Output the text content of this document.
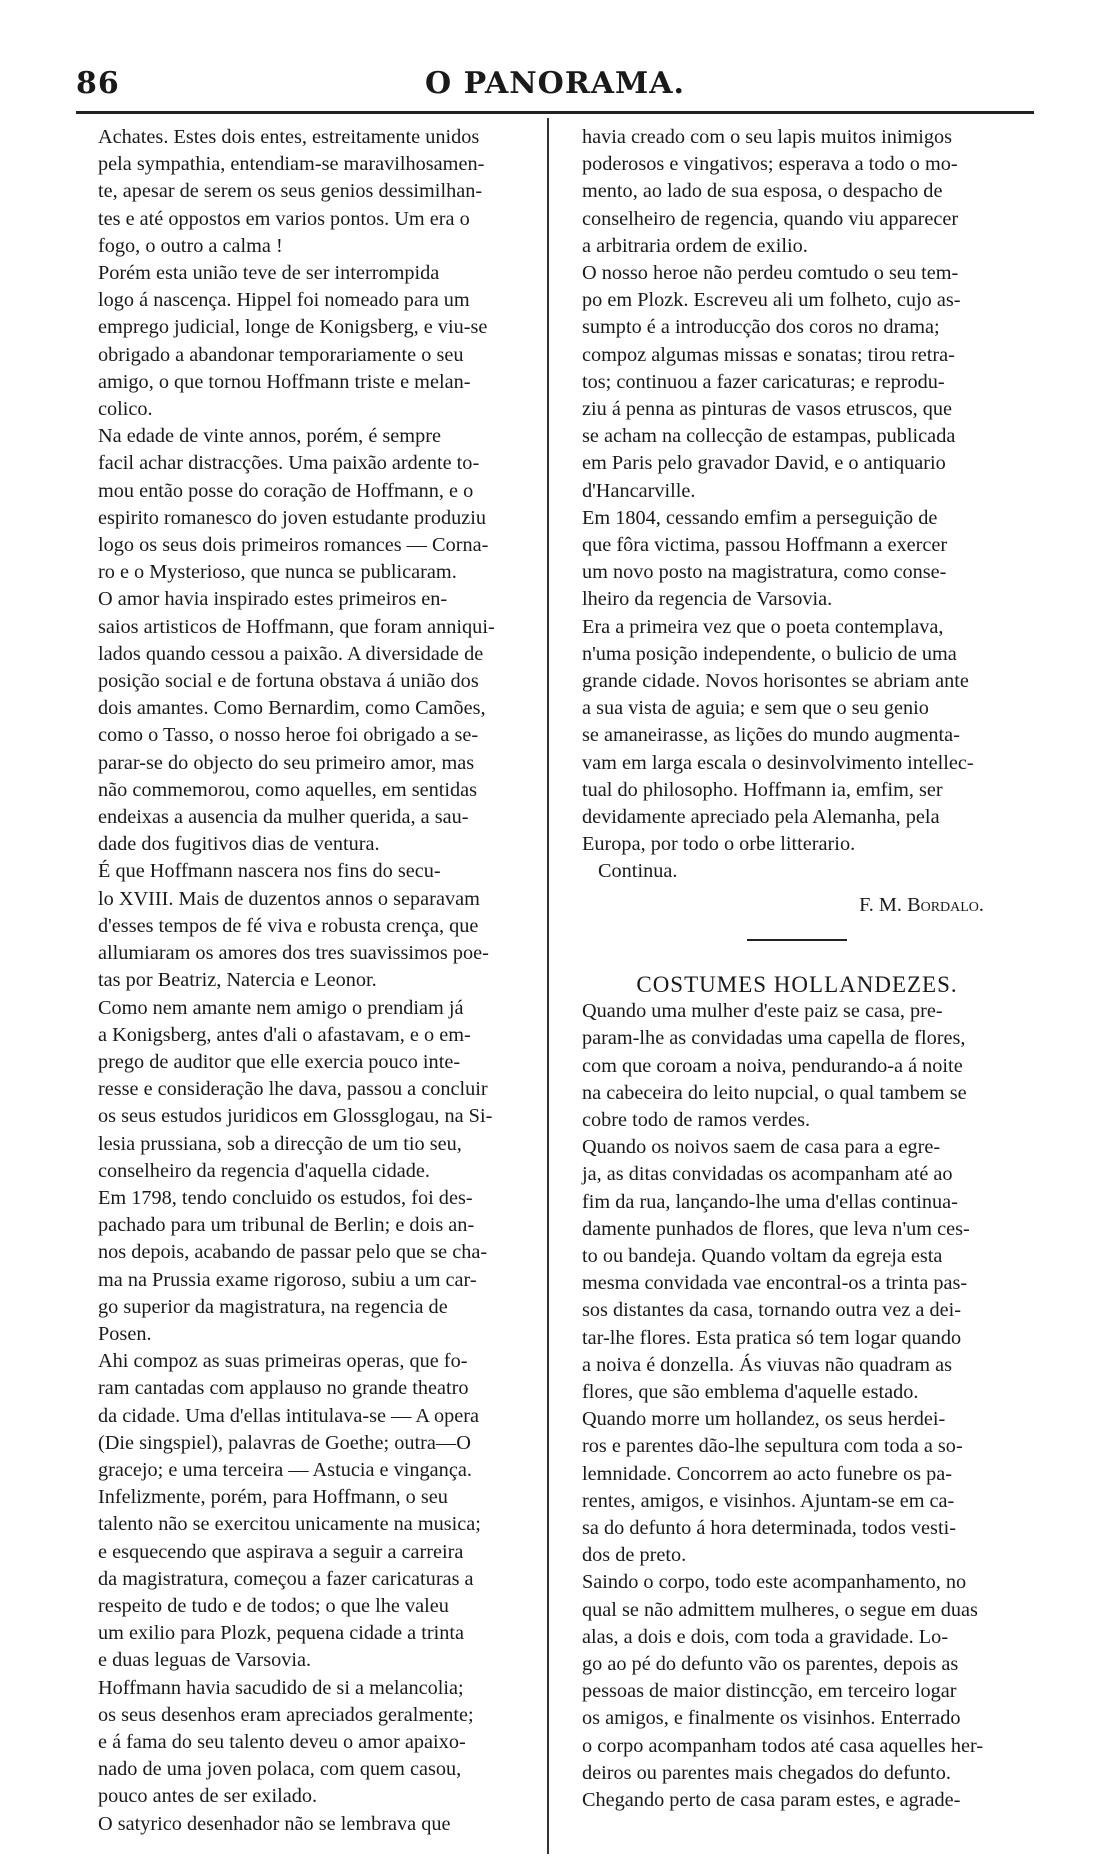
86	O PANORAMA.

Achates. Estes dois entes, estreitamente unidos
pela sympathia, entendiam-se maravilhosamen-
te, apesar de serem os seus genios dessimilhan-
tes e até oppostos em varios pontos. Um era o
fogo, o outro a calma !

Porém esta união teve de ser interrompida
logo á nascença. Hippel foi nomeado para um
emprego judicial, longe de Konigsberg, e viu-se
obrigado a abandonar temporariamente o seu
amigo, o que tornou Hoffmann triste e melan-
colico.

Na edade de vinte annos, porém, é sempre
facil achar distracções. Uma paixão ardente to-
mou então posse do coração de Hoffmann, e o
espirito romanesco do joven estudante produziu
logo os seus dois primeiros romances — Corna-
ro e o Mysterioso, que nunca se publicaram.

O amor havia inspirado estes primeiros en-
saios artisticos de Hoffmann, que foram anniqui-
lados quando cessou a paixão. A diversidade de
posição social e de fortuna obstava á união dos
dois amantes. Como Bernardim, como Camões,
como o Tasso, o nosso heroe foi obrigado a se-
parar-se do objecto do seu primeiro amor, mas
não commemorou, como aquelles, em sentidas
endeixas a ausencia da mulher querida, a sau-
dade dos fugitivos dias de ventura.

É que Hoffmann nascera nos fins do secu-
lo XVIII. Mais de duzentos annos o separavam
d'esses tempos de fé viva e robusta crença, que
allumiaram os amores dos tres suavissimos poe-
tas por Beatriz, Natercia e Leonor.

Como nem amante nem amigo o prendiam já
a Konigsberg, antes d'ali o afastavam, e o em-
prego de auditor que elle exercia pouco inte-
resse e consideração lhe dava, passou a concluir
os seus estudos juridicos em Glossglogau, na Si-
lesia prussiana, sob a direcção de um tio seu,
conselheiro da regencia d'aquella cidade.

Em 1798, tendo concluido os estudos, foi des-
pachado para um tribunal de Berlin; e dois an-
nos depois, acabando de passar pelo que se cha-
ma na Prussia exame rigoroso, subiu a um car-
go superior da magistratura, na regencia de
Posen.

Ahi compoz as suas primeiras operas, que fo-
ram cantadas com applauso no grande theatro
da cidade. Uma d'ellas intitulava-se — A opera
(Die singspiel), palavras de Goethe; outra—O
gracejo; e uma terceira — Astucia e vingança.

Infelizmente, porém, para Hoffmann, o seu
talento não se exercitou unicamente na musica;
e esquecendo que aspirava a seguir a carreira
da magistratura, começou a fazer caricaturas a
respeito de tudo e de todos; o que lhe valeu
um exilio para Plozk, pequena cidade a trinta
e duas leguas de Varsovia.

Hoffmann havia sacudido de si a melancolia;
os seus desenhos eram apreciados geralmente;
e á fama do seu talento deveu o amor apaixo-
nado de uma joven polaca, com quem casou,
pouco antes de ser exilado.

O satyrico desenhador não se lembrava que

havia creado com o seu lapis muitos inimigos
poderosos e vingativos; esperava a todo o mo-
mento, ao lado de sua esposa, o despacho de
conselheiro de regencia, quando viu apparecer
a arbitraria ordem de exilio.

O nosso heroe não perdeu comtudo o seu tem-
po em Plozk. Escreveu ali um folheto, cujo as-
sumpto é a introducção dos coros no drama;
compoz algumas missas e sonatas; tirou retra-
tos; continuou a fazer caricaturas; e reprodu-
ziu á penna as pinturas de vasos etruscos, que
se acham na collecção de estampas, publicada
em Paris pelo gravador David, e o antiquario
d'Hancarville.

Em 1804, cessando emfim a perseguição de
que fôra victima, passou Hoffmann a exercer
um novo posto na magistratura, como conse-
lheiro da regencia de Varsovia.

Era a primeira vez que o poeta contemplava,
n'uma posição independente, o bulicio de uma
grande cidade. Novos horisontes se abriam ante
a sua vista de aguia; e sem que o seu genio
se amaneirasse, as lições do mundo augmenta-
vam em larga escala o desinvolvimento intellec-
tual do philosopho. Hoffmann ia, emfim, ser
devidamente apreciado pela Alemanha, pela
Europa, por todo o orbe litterario.

Continua.

F. M. Bordalo.

COSTUMES HOLLANDEZES.

Quando uma mulher d'este paiz se casa, pre-
param-lhe as convidadas uma capella de flores,
com que coroam a noiva, pendurando-a á noite
na cabeceira do leito nupcial, o qual tambem se
cobre todo de ramos verdes.

Quando os noivos saem de casa para a egre-
ja, as ditas convidadas os acompanham até ao
fim da rua, lançando-lhe uma d'ellas continua-
damente punhados de flores, que leva n'um ces-
to ou bandeja. Quando voltam da egreja esta
mesma convidada vae encontral-os a trinta pas-
sos distantes da casa, tornando outra vez a dei-
tar-lhe flores. Esta pratica só tem logar quando
a noiva é donzella. Ás viuvas não quadram as
flores, que são emblema d'aquelle estado.

Quando morre um hollandez, os seus herdei-
ros e parentes dão-lhe sepultura com toda a so-
lemnidade. Concorrem ao acto funebre os pa-
rentes, amigos, e visinhos. Ajuntam-se em ca-
sa do defunto á hora determinada, todos vesti-
dos de preto.

Saindo o corpo, todo este acompanhamento, no
qual se não admittem mulheres, o segue em duas
alas, a dois e dois, com toda a gravidade. Lo-
go ao pé do defunto vão os parentes, depois as
pessoas de maior distincção, em terceiro logar
os amigos, e finalmente os visinhos. Enterrado
o corpo acompanham todos até casa aquelles her-
deiros ou parentes mais chegados do defunto.
Chegando perto de casa param estes, e agrade-
